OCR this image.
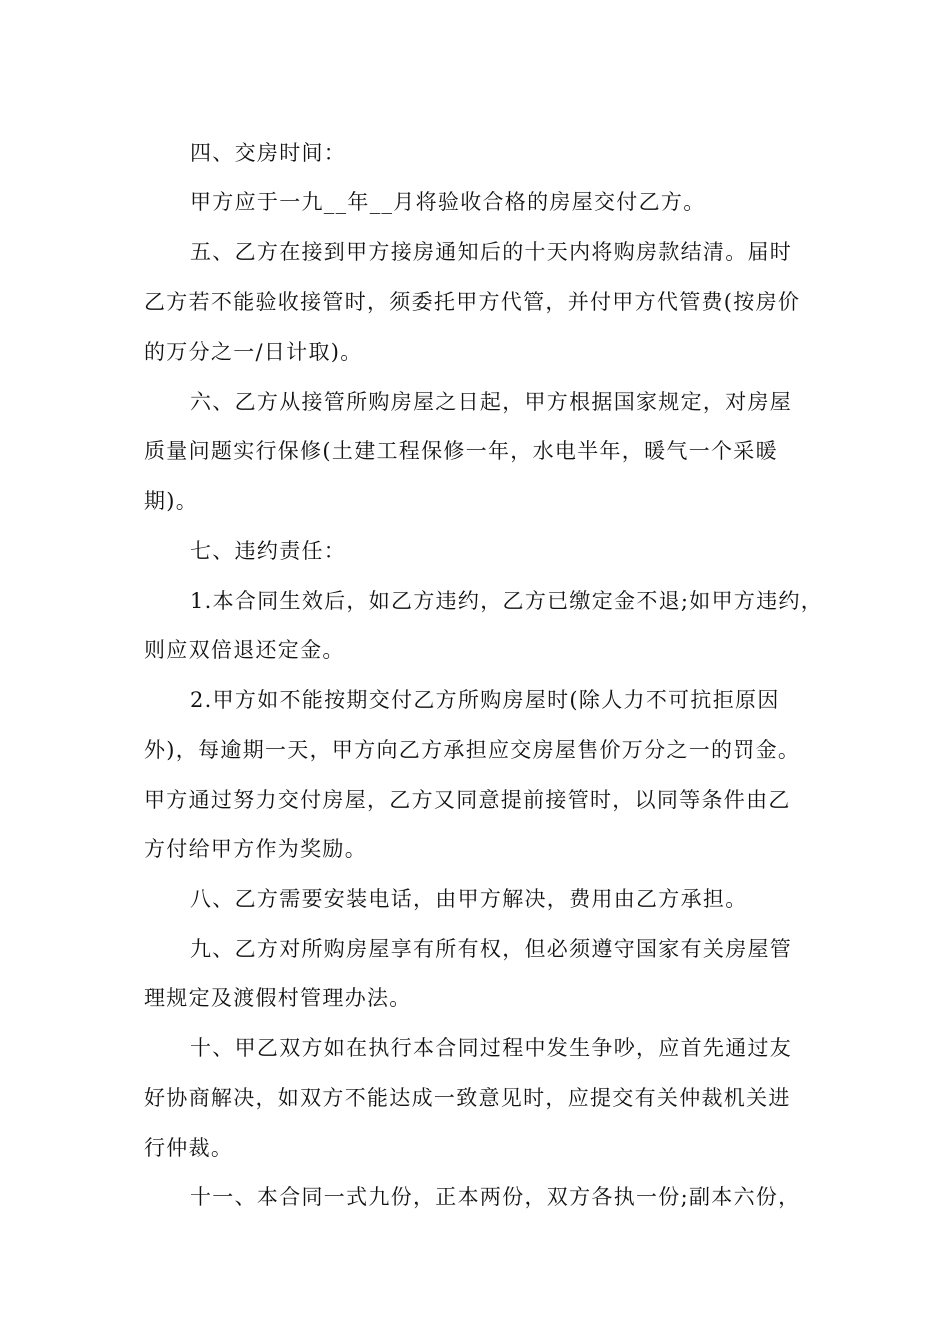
四、交房时间：
甲方应于一九__年__月将验收合格的房屋交付乙方。
五、乙方在接到甲方接房通知后的十天内将购房款结清。届时
乙方若不能验收接管时，须委托甲方代管，并付甲方代管费(按房价
的万分之一/日计取)。
六、乙方从接管所购房屋之日起，甲方根据国家规定，对房屋
质量问题实行保修(土建工程保修一年，水电半年，暖气一个采暖
期)。
七、违约责任：
1.本合同生效后，如乙方违约，乙方已缴定金不退;如甲方违约，
则应双倍退还定金。
2.甲方如不能按期交付乙方所购房屋时(除人力不可抗拒原因
外)，每逾期一天，甲方向乙方承担应交房屋售价万分之一的罚金。
甲方通过努力交付房屋，乙方又同意提前接管时，以同等条件由乙
方付给甲方作为奖励。
八、乙方需要安装电话，由甲方解决，费用由乙方承担。
九、乙方对所购房屋享有所有权，但必须遵守国家有关房屋管
理规定及渡假村管理办法。
十、甲乙双方如在执行本合同过程中发生争吵，应首先通过友
好协商解决，如双方不能达成一致意见时，应提交有关仲裁机关进
行仲裁。
十一、本合同一式九份，正本两份，双方各执一份;副本六份，
